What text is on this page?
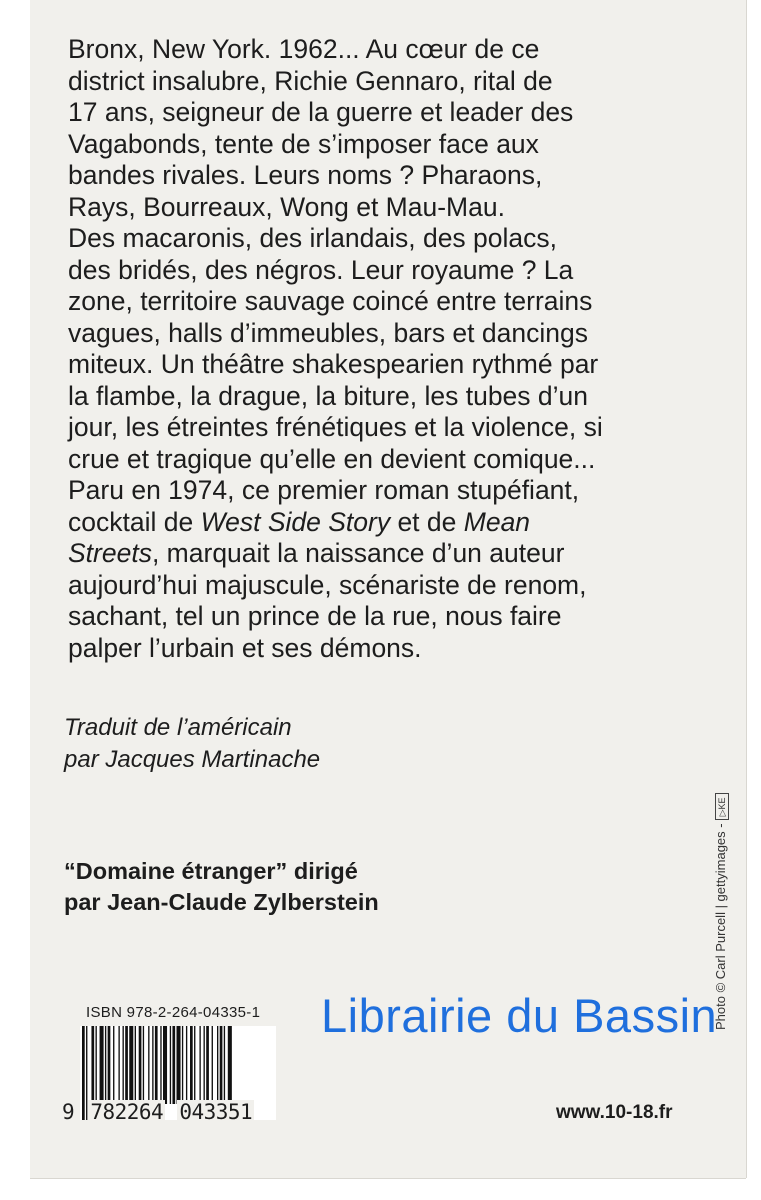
Bronx, New York. 1962... Au cœur de ce

district insalubre, Richie Gennaro, rital de

17 ans, seigneur de la guerre et leader des

Vagabonds, tente de s’imposer face aux

bandes rivales. Leurs noms ? Pharaons,

Rays, Bourreaux, Wong et Mau-Mau.

Des macaronis, des irlandais, des polacs,

des bridés, des négros. Leur royaume ? La

zone, territoire sauvage coincé entre terrains

vagues, halls d’immeubles, bars et dancings

miteux. Un théâtre shakespearien rythmé par

la flambe, la drague, la biture, les tubes d’un

jour, les étreintes frénétiques et la violence, si

crue et tragique qu’elle en devient comique...

Paru en 1974, ce premier roman stupéfiant,

cocktail de West Side Story et de Mean

Streets, marquait la naissance d’un auteur

aujourd’hui majuscule, scénariste de renom,

sachant, tel un prince de la rue, nous faire

palper l’urbain et ses démons.

Traduit de l’américain

par Jacques Martinache

“Domaine étranger” dirigé

par Jean-Claude Zylberstein

ISBN 978-2-264-04335-1
9 782264 043351	www.10-18.fr
Photo © Carl Purcell | gettyimages -▷KE
Librairie du Bassin
